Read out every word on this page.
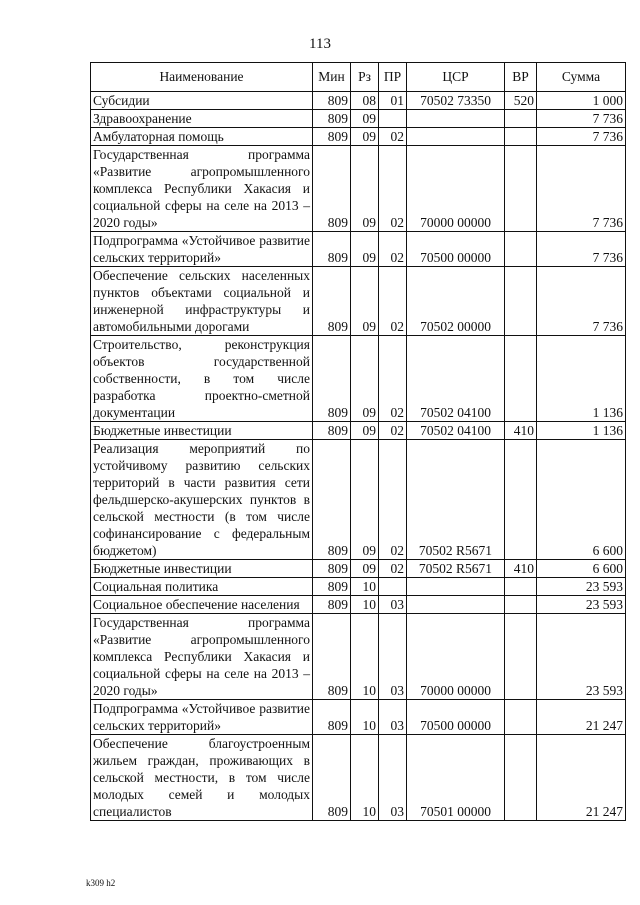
113
Наименование	Мин	Рз	ПР	ЦСР	ВР	Сумма
Субсидии	809	08	01	70502 73350	520	1 000
Здравоохранение	809	09				7 736
Амбулаторная помощь	809	09	02			7 736
Государственная программа «Развитие агропромышленного комплекса Республики Хакасия и социальной сферы на селе на 2013 – 2020 годы»	809	09	02	70000 00000		7 736
Подпрограмма «Устойчивое развитие сельских территорий»	809	09	02	70500 00000		7 736
Обеспечение сельских населенных пунктов объектами социальной и инженерной инфраструктуры и автомобильными дорогами	809	09	02	70502 00000		7 736
Строительство, реконструкция объектов государственной собственности, в том числе разработка проектно-сметной документации	809	09	02	70502 04100		1 136
Бюджетные инвестиции	809	09	02	70502 04100	410	1 136
Реализация мероприятий по устойчивому развитию сельских территорий в части развития сети фельдшерско-акушерских пунктов в сельской местности (в том числе софинансирование с федеральным бюджетом)	809	09	02	70502 R5671		6 600
Бюджетные инвестиции	809	09	02	70502 R5671	410	6 600
Социальная политика	809	10				23 593
Социальное обеспечение населения	809	10	03			23 593
Государственная программа «Развитие агропромышленного комплекса Республики Хакасия и социальной сферы на селе на 2013 – 2020 годы»	809	10	03	70000 00000		23 593
Подпрограмма «Устойчивое развитие сельских территорий»	809	10	03	70500 00000		21 247
Обеспечение благоустроенным жильем граждан, проживающих в сельской местности, в том числе молодых семей и молодых специалистов	809	10	03	70501 00000		21 247
k309 h2
